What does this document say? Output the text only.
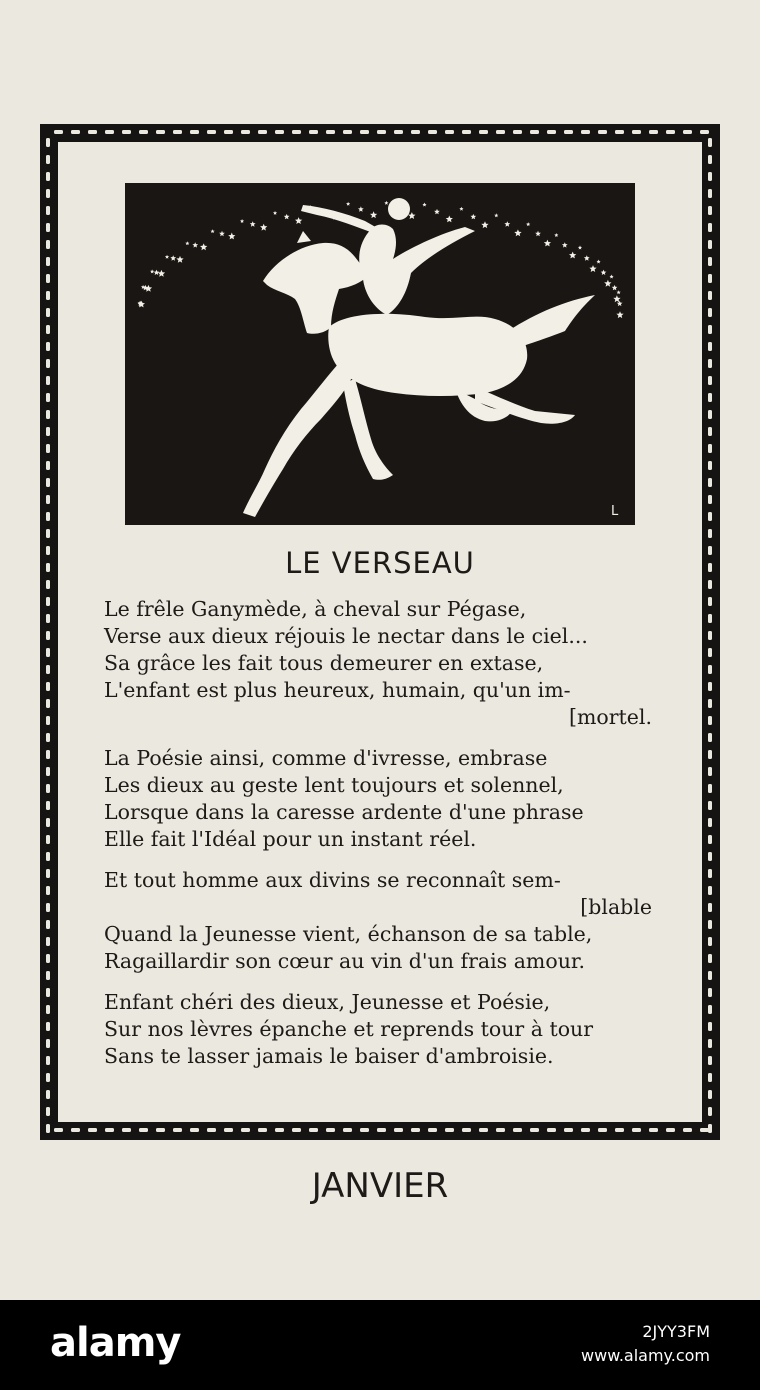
L
LE VERSEAU
Le frêle Ganymède, à cheval sur Pégase,
Verse aux dieux réjouis le nectar dans le ciel...
Sa grâce les fait tous demeurer en extase,
L'enfant est plus heureux, humain, qu'un im-
[mortel.
La Poésie ainsi, comme d'ivresse, embrase
Les dieux au geste lent toujours et solennel,
Lorsque dans la caresse ardente d'une phrase
Elle fait l'Idéal pour un instant réel.
Et tout homme aux divins se reconnaît sem-
[blable
Quand la Jeunesse vient, échanson de sa table,
Ragaillardir son cœur au vin d'un frais amour.
Enfant chéri des dieux, Jeunesse et Poésie,
Sur nos lèvres épanche et reprends tour à tour
Sans te lasser jamais le baiser d'ambroisie.
JANVIER
alamy	2JYY3FM
www.alamy.com
